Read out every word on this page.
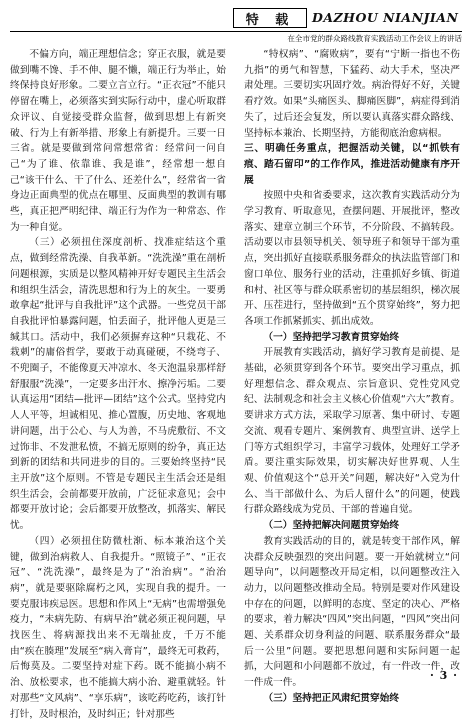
特 载	DAZHOU NIANJIAN
在全市党的群众路线教育实践活动工作会议上的讲话

不偏方向，端正理想信念；穿正衣服，就是要做到嘴不馋、手不伸、腿不懒，端正行为举止，始终保持良好形象。二要立言立行。“正衣冠”不能只停留在嘴上，必须落实到实际行动中，虚心听取群众评议、自觉接受群众监督，做到思想上有新突破、行为上有新举措、形象上有新提升。三要一日三省。就是要做到常问常想常省：经常问一问自己“为了谁、依靠谁、我是谁”，经常想一想自己“该干什么、干了什么、还差什么”，经常省一省身边正面典型的优点在哪里、反面典型的教训有哪些，真正把严明纪律、端正行为作为一种常态、作为一种自觉。

（三）必须扭住深度剖析、找准症结这个重点，做到经常洗澡、自我革新。“洗洗澡”重在剖析问题根源，实质是以整风精神开好专题民主生活会和组织生活会，清洗思想和行为上的灰尘。一要勇敢拿起“批评与自我批评”这个武器。一些党员干部自我批评怕暴露问题，怕丢面子，批评他人更是三缄其口。活动中，我们必须摒弃这种“只栽花、不栽刺”的庸俗哲学，要敢于动真碰硬，不绕弯子、不兜圈子，不能像夏天冲凉水、冬天泡温泉那样舒舒服服“洗澡”，一定要多出汗水、擦净污垢。二要认真运用“团结—批评—团结”这个公式。坚持党内人人平等，坦诚相见、推心置腹，历史地、客观地讲问题，出于公心、与人为善，不马虎敷衍、不文过饰非、不发泄私愤，不搞无原则的纷争，真正达到新的团结和共同进步的目的。三要始终坚持“民主开放”这个原则。不管是专题民主生活会还是组织生活会，会前都要开放前，广泛征求意见；会中都要开放讨论；会后都要开放整改，抓落实、解民忧。

（四）必须扭住防微杜渐、标本兼治这个关键，做到治病救人、自我提升。“照镜子”、“正衣冠”、“洗洗澡”，最终是为了“治治病”。“治治病”，就是要驱除腐朽之风，实现自我的提升。一要克服讳疾忌医。思想和作风上“无病”也需增强免疫力，“未病先防、有病早治”就必须正视问题，早找医生、将病源找出来不无端扯皮，千万不能由“疾在腠理”发展至“病入膏肓”，最终无可救药，后悔莫及。二要坚持对症下药。既不能搞小病不治、放松要求，也不能搞大病小治、避重就轻。针对那些“文风病”、“享乐病”，该吃药吃药，该打针打针，及时根治，及时纠正；针对那些

“特权病”、“腐败病”，要有“宁断一指也不伤九指”的勇气和智慧，下猛药、动大手术，坚决严肃处理。三要切实巩固疗效。病治得好不好，关键看疗效。如果“头痛医头、脚痛医脚”，病症得到消失了，过后还会复发，所以要认真落实群众路线、坚持标本兼治、长期坚持，方能彻底治愈病根。

三、明确任务重点，把握活动关键，以“抓铁有痕、踏石留印”的工作作风，推进活动健康有序开展

按照中央和省委要求，这次教育实践活动分为学习教育、听取意见，查摆问题、开展批评，整改落实、建章立制三个环节，不分阶段、不搞转段。活动要以市县领导机关、领导班子和领导干部为重点，突出抓好直接联系服务群众的执法监管部门和窗口单位、服务行业的活动，注重抓好乡镇、街道和村、社区等与群众联系密切的基层组织，梯次展开、压茬进行，坚持做到“五个贯穿始终”，努力把各项工作抓紧抓实、抓出成效。

（一）坚持把学习教育贯穿始终

开展教育实践活动，搞好学习教育是前提、是基础，必须贯穿到各个环节。要突出学习重点，抓好理想信念、群众观点、宗旨意识、党性党风党纪、法制观念和社会主义核心价值观“六大”教育。要讲求方式方法，采取学习原著、集中研讨、专题交流、观看专题片、案例教育、典型宣讲、送学上门等方式组织学习，丰富学习载体，处理好工学矛盾。要注重实际效果，切实解决好世界观、人生观、价值观这个“总开关”问题，解决好“入党为什么、当干部做什么、为后人留什么”的问题，使践行群众路线成为党员、干部的普遍自觉。

（二）坚持把解决问题贯穿始终

教育实践活动的目的，就是转变干部作风，解决群众反映强烈的突出问题。要一开始就树立“问题导向”，以问题整改开局定相，以问题整改注入动力，以问题整改推动全局。特别是要对作风建设中存在的问题，以鲜明的态度、坚定的决心、严格的要求，着力解决“四风”突出问题，“四风”突出问题、关系群众切身利益的问题、联系服务群众“最后一公里”问题。要把思想问题和实际问题一起抓，大问题和小问题都不放过，有一件改一件，改一件成一件。

（三）坚持把正风肃纪贯穿始终

· 3 ·
